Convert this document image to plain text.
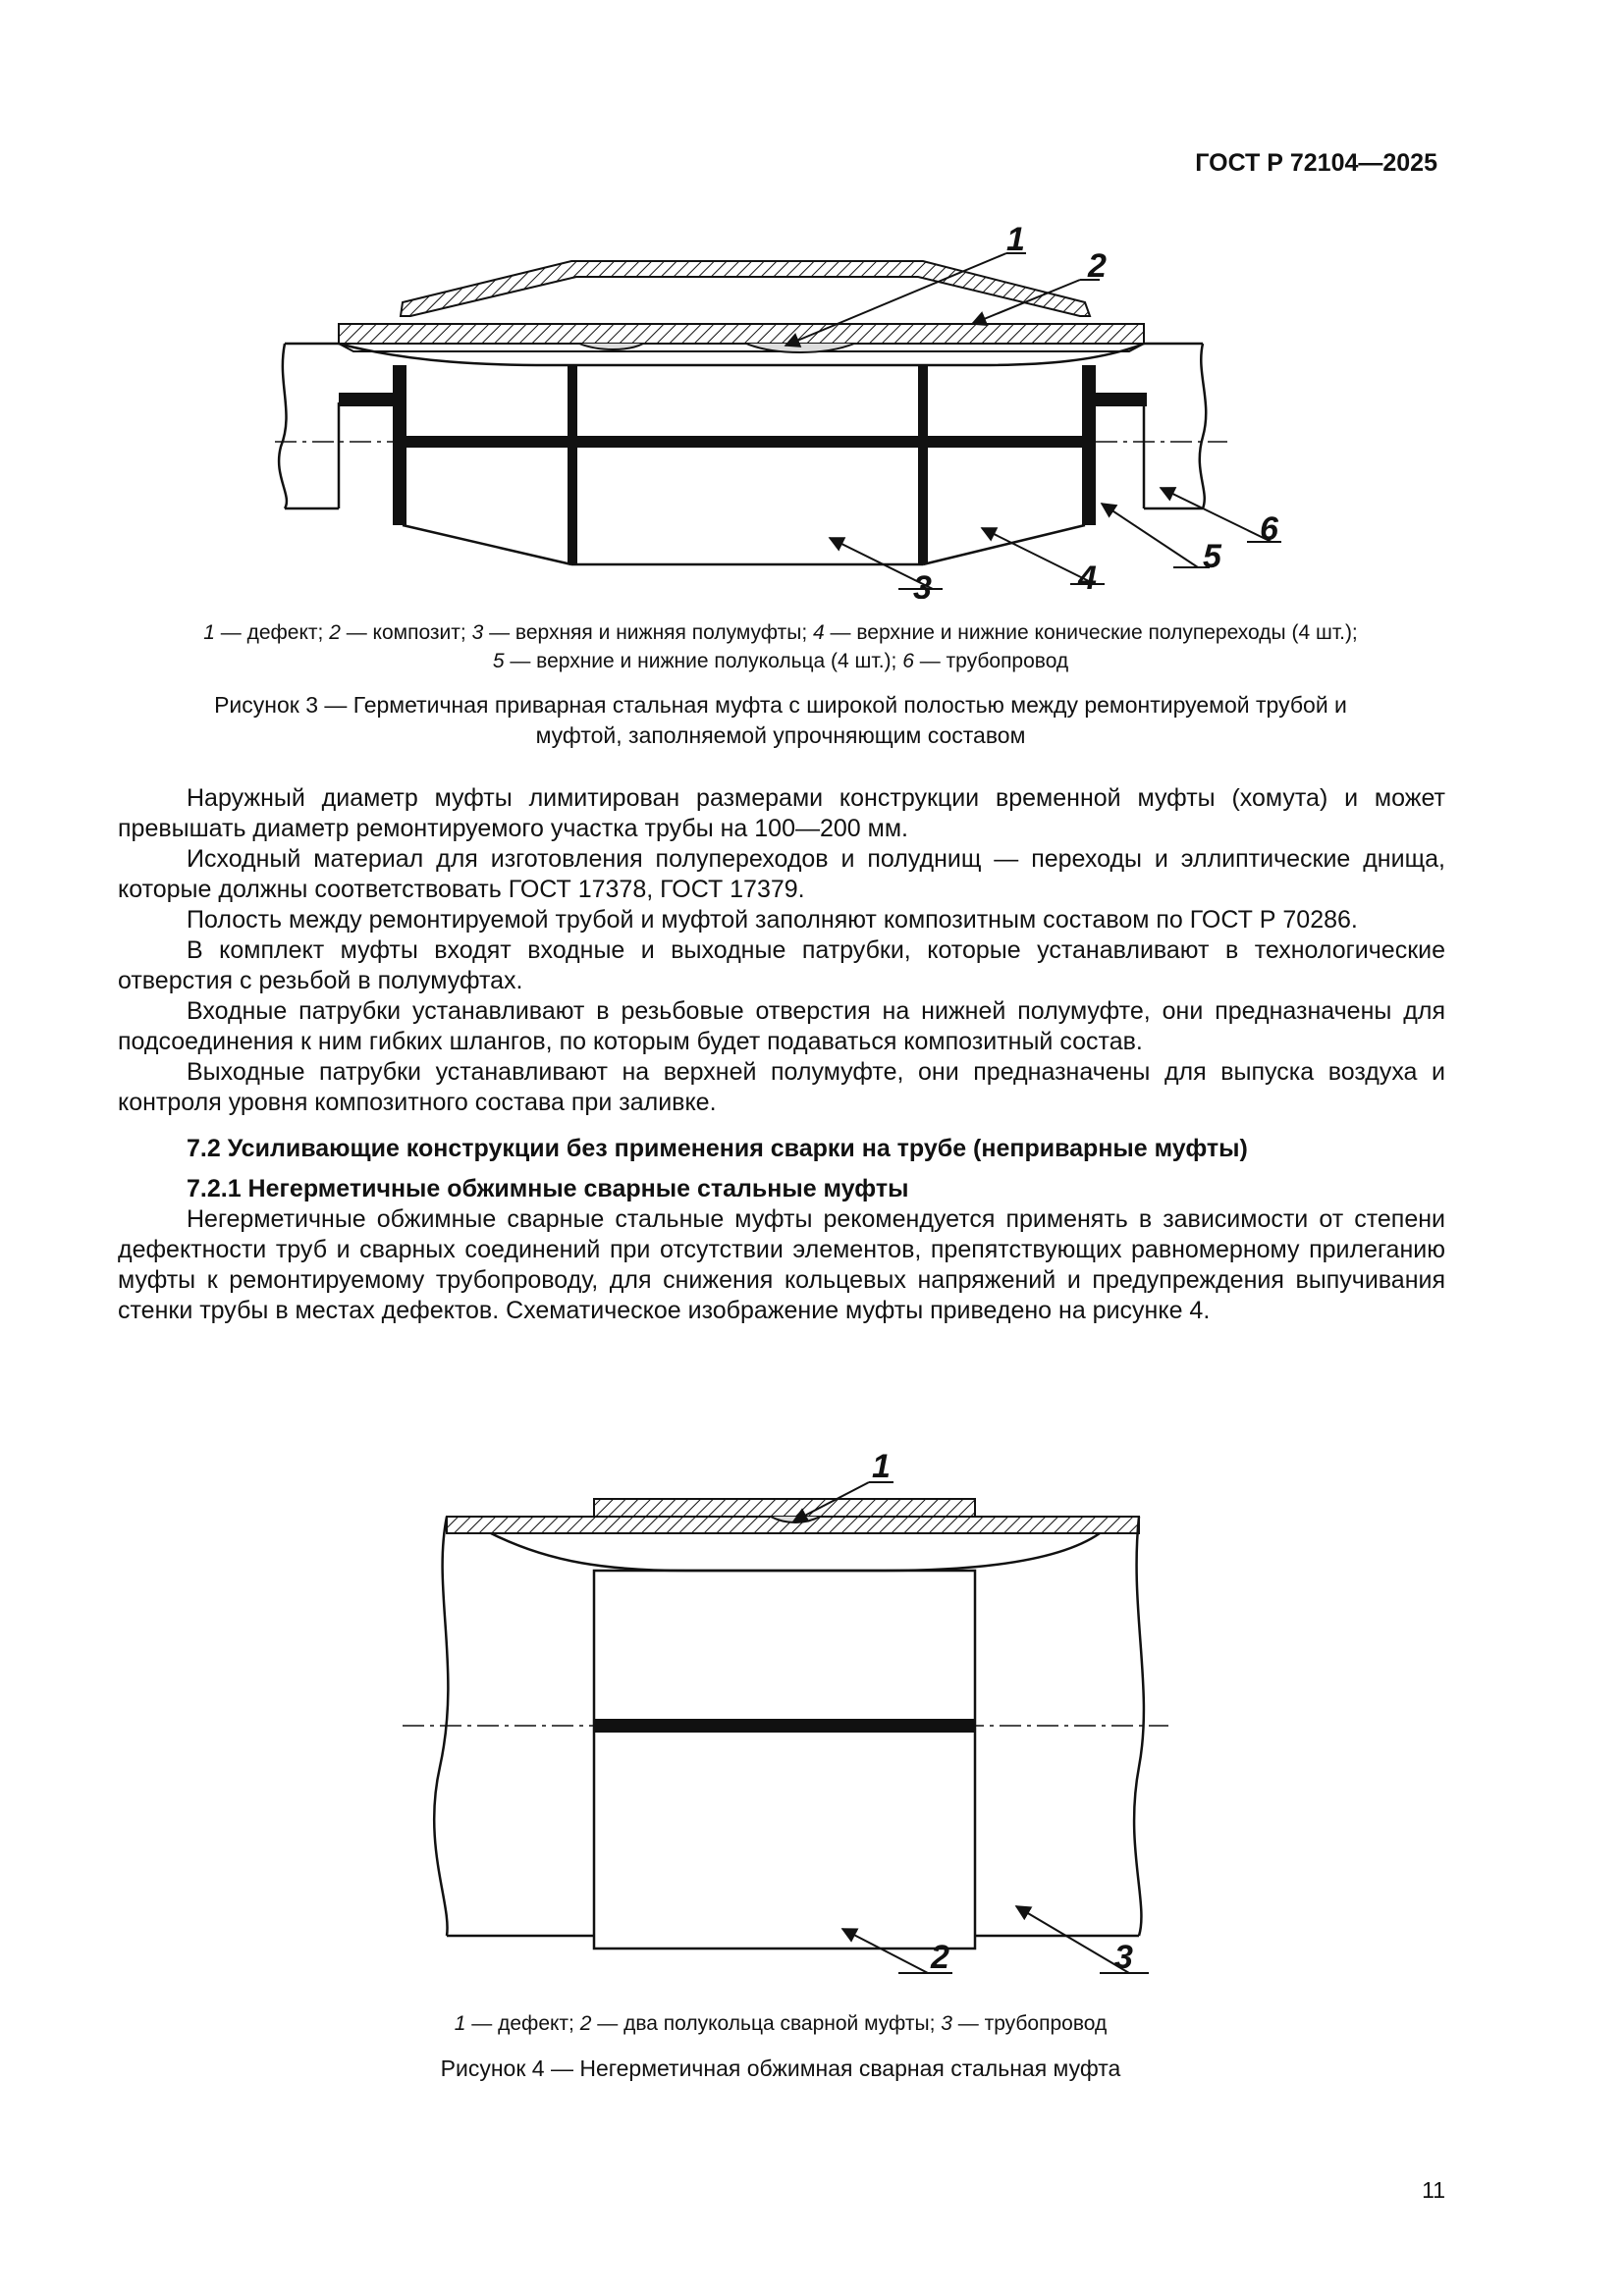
ГОСТ Р 72104—2025
1
2
3	4
5
6
1 — дефект; 2 — композит; 3 — верхняя и нижняя полумуфты; 4 — верхние и нижние конические полупереходы (4 шт.);
5 — верхние и нижние полукольца (4 шт.); 6 — трубопровод
Рисунок 3 — Герметичная приварная стальная муфта с широкой полостью между ремонтируемой трубой и
муфтой, заполняемой упрочняющим составом

Наружный диаметр муфты лимитирован размерами конструкции временной муфты (хомута) и может превышать диаметр ремонтируемого участка трубы на 100—200 мм.

Исходный материал для изготовления полупереходов и полуднищ — переходы и эллиптические днища, которые должны соответствовать ГОСТ 17378, ГОСТ 17379.

Полость между ремонтируемой трубой и муфтой заполняют композитным составом по ГОСТ Р 70286.

В комплект муфты входят входные и выходные патрубки, которые устанавливают в технологические отверстия с резьбой в полумуфтах.

Входные патрубки устанавливают в резьбовые отверстия на нижней полумуфте, они предназначены для подсоединения к ним гибких шлангов, по которым будет подаваться композитный состав.

Выходные патрубки устанавливают на верхней полумуфте, они предназначены для выпуска воздуха и контроля уровня композитного состава при заливке.

7.2 Усиливающие конструкции без применения сварки на трубе (неприварные муфты)

7.2.1 Негерметичные обжимные сварные стальные муфты

Негерметичные обжимные сварные стальные муфты рекомендуется применять в зависимости от степени дефектности труб и сварных соединений при отсутствии элементов, препятствующих равномерному прилеганию муфты к ремонтируемому трубопроводу, для снижения кольцевых напряжений и предупреждения выпучивания стенки трубы в местах дефектов. Схематическое изображение муфты приведено на рисунке 4.

1
2	3
1 — дефект; 2 — два полукольца сварной муфты; 3 — трубопровод
Рисунок 4 — Негерметичная обжимная сварная стальная муфта
11
